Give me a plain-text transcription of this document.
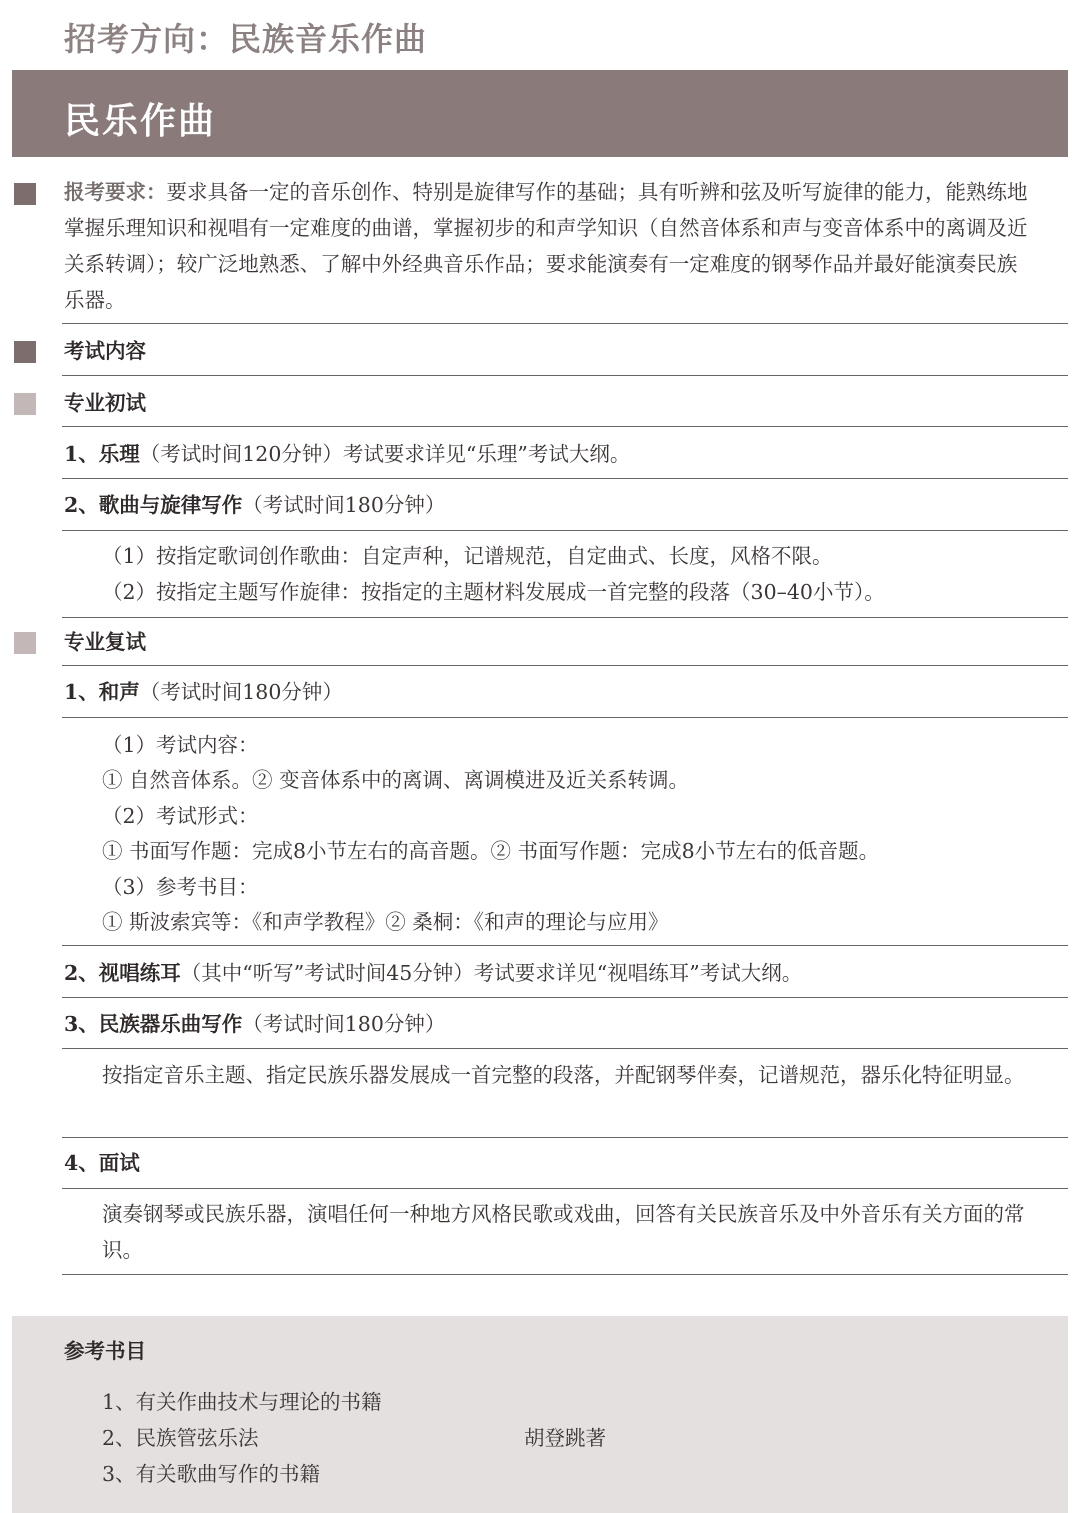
招考方向：民族音乐作曲
民乐作曲
报考要求：要求具备一定的音乐创作、特别是旋律写作的基础；具有听辨和弦及听写旋律的能力，能熟练地掌握乐理知识和视唱有一定难度的曲谱，掌握初步的和声学知识（自然音体系和声与变音体系中的离调及近关系转调）；较广泛地熟悉、了解中外经典音乐作品；要求能演奏有一定难度的钢琴作品并最好能演奏民族乐器。
考试内容
专业初试
1、乐理（考试时间120分钟）考试要求详见“乐理”考试大纲。
2、歌曲与旋律写作（考试时间180分钟）
（1）按指定歌词创作歌曲：自定声种，记谱规范，自定曲式、长度，风格不限。
（2）按指定主题写作旋律：按指定的主题材料发展成一首完整的段落（30–40小节）。
专业复试
1、和声（考试时间180分钟）
（1）考试内容：
① 自然音体系。② 变音体系中的离调、离调模进及近关系转调。
（2）考试形式：
① 书面写作题：完成8小节左右的高音题。② 书面写作题：完成8小节左右的低音题。
（3）参考书目：
① 斯波索宾等：《和声学教程》② 桑桐：《和声的理论与应用》
2、视唱练耳（其中“听写”考试时间45分钟）考试要求详见“视唱练耳”考试大纲。
3、民族器乐曲写作（考试时间180分钟）
按指定音乐主题、指定民族乐器发展成一首完整的段落，并配钢琴伴奏，记谱规范，器乐化特征明显。
4、面试
演奏钢琴或民族乐器，演唱任何一种地方风格民歌或戏曲，回答有关民族音乐及中外音乐有关方面的常识。
参考书目
1、有关作曲技术与理论的书籍
2、民族管弦乐法	胡登跳著
3、有关歌曲写作的书籍
